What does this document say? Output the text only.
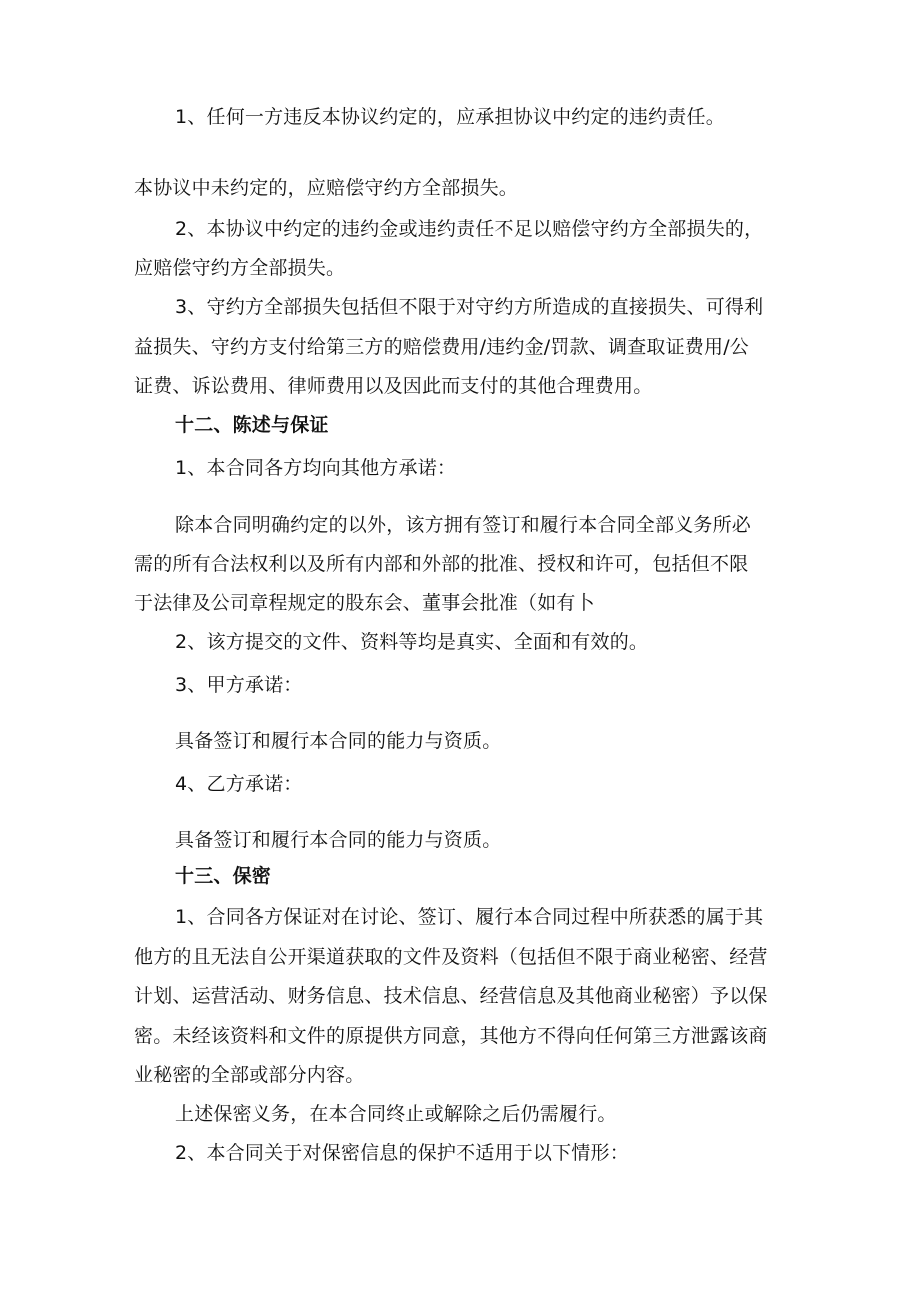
1、任何一方违反本协议约定的，应承担协议中约定的违约责任。
本协议中未约定的，应赔偿守约方全部损失。
2、本协议中约定的违约金或违约责任不足以赔偿守约方全部损失的，
应赔偿守约方全部损失。
3、守约方全部损失包括但不限于对守约方所造成的直接损失、可得利
益损失、守约方支付给第三方的赔偿费用/违约金/罚款、调查取证费用/公
证费、诉讼费用、律师费用以及因此而支付的其他合理费用。
十二、陈述与保证
1、本合同各方均向其他方承诺：
除本合同明确约定的以外，该方拥有签订和履行本合同全部义务所必
需的所有合法权利以及所有内部和外部的批准、授权和许可，包括但不限
于法律及公司章程规定的股东会、董事会批准（如有卜
2、该方提交的文件、资料等均是真实、全面和有效的。
3、甲方承诺：
具备签订和履行本合同的能力与资质。
4、乙方承诺：
具备签订和履行本合同的能力与资质。
十三、保密
1、合同各方保证对在讨论、签订、履行本合同过程中所获悉的属于其
他方的且无法自公开渠道获取的文件及资料（包括但不限于商业秘密、经营
计划、运营活动、财务信息、技术信息、经营信息及其他商业秘密）予以保
密。未经该资料和文件的原提供方同意，其他方不得向任何第三方泄露该商
业秘密的全部或部分内容。
上述保密义务，在本合同终止或解除之后仍需履行。
2、本合同关于对保密信息的保护不适用于以下情形：
